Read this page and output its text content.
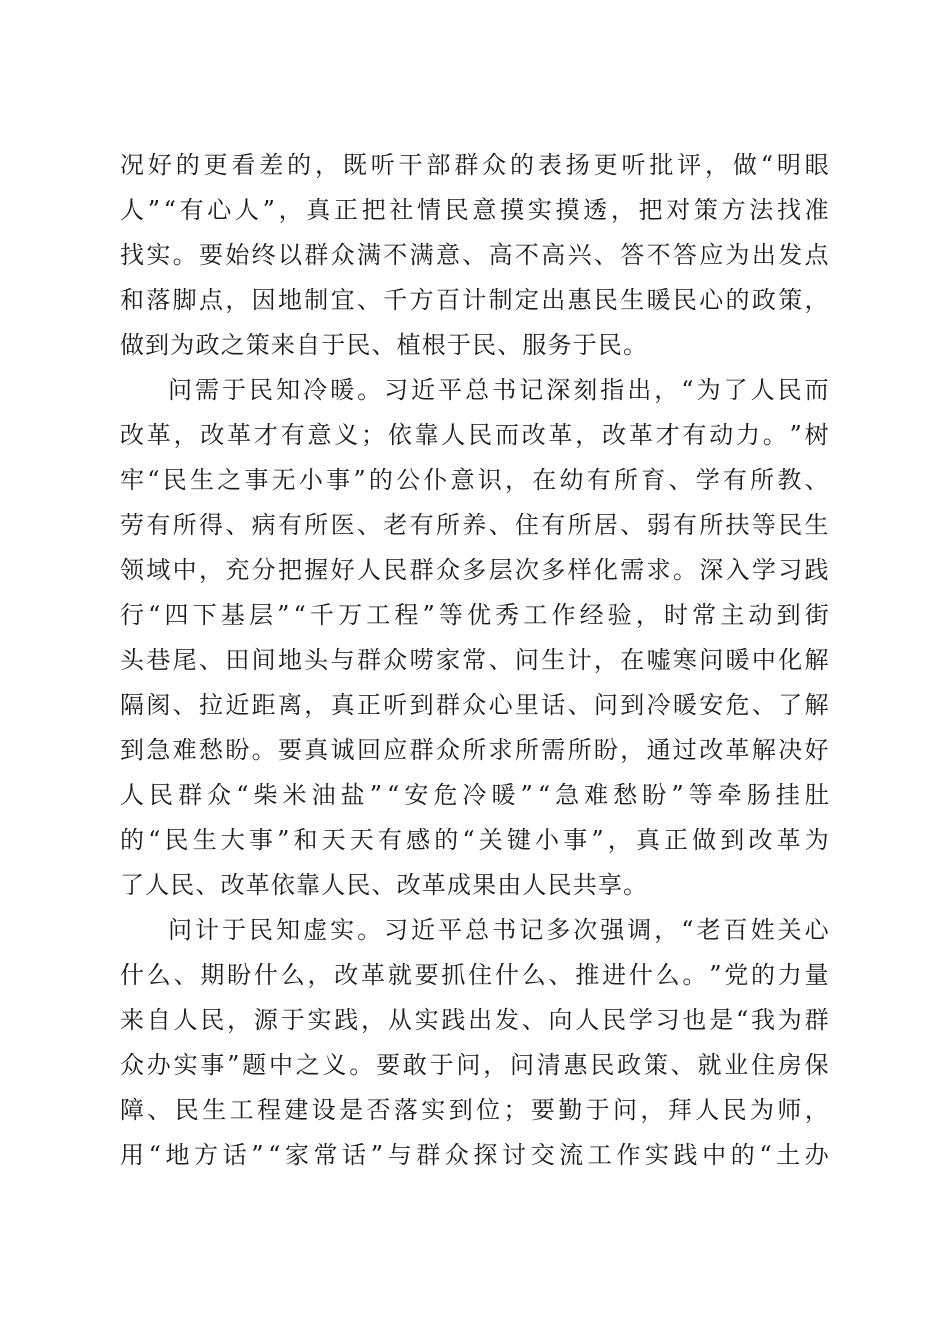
况 好 的 更 看 差 的 ， 既 听 干 部 群 众 的 表 扬 更 听 批 评 ， 做 “ 明 眼
人 ” “ 有 心 人 ” ， 真 正 把 社 情 民 意 摸 实 摸 透 ， 把 对 策 方 法 找 准
找 实 。 要 始 终 以 群 众 满 不 满 意 、 高 不 高 兴 、 答 不 答 应 为 出 发 点
和 落 脚 点 ， 因 地 制 宜 、 千 方 百 计 制 定 出 惠 民 生 暖 民 心 的 政 策 ，
做到为政之策来自于民、植根于民、服务于民。
问 需 于 民 知 冷 暖 。 习 近 平 总 书 记 深 刻 指 出 ， “ 为 了 人 民 而
改 革 ， 改 革 才 有 意 义 ； 依 靠 人 民 而 改 革 ， 改 革 才 有 动 力 。 ” 树
牢 “ 民 生 之 事 无 小 事 ” 的 公 仆 意 识 ， 在 幼 有 所 育 、 学 有 所 教 、
劳 有 所 得 、 病 有 所 医 、 老 有 所 养 、 住 有 所 居 、 弱 有 所 扶 等 民 生
领 域 中 ， 充 分 把 握 好 人 民 群 众 多 层 次 多 样 化 需 求 。 深 入 学 习 践
行 “ 四 下 基 层 ” “ 千 万 工 程 ” 等 优 秀 工 作 经 验 ， 时 常 主 动 到 街
头 巷 尾 、 田 间 地 头 与 群 众 唠 家 常 、 问 生 计 ， 在 嘘 寒 问 暖 中 化 解
隔 阂 、 拉 近 距 离 ， 真 正 听 到 群 众 心 里 话 、 问 到 冷 暖 安 危 、 了 解
到 急 难 愁 盼 。 要 真 诚 回 应 群 众 所 求 所 需 所 盼 ， 通 过 改 革 解 决 好
人 民 群 众 “ 柴 米 油 盐 ” “ 安 危 冷 暖 ” “ 急 难 愁 盼 ” 等 牵 肠 挂 肚
的 “ 民 生 大 事 ” 和 天 天 有 感 的 “ 关 键 小 事 ” ， 真 正 做 到 改 革 为
了人民、改革依靠人民、改革成果由人民共享。
问 计 于 民 知 虚 实 。 习 近 平 总 书 记 多 次 强 调 ， “ 老 百 姓 关 心
什 么 、 期 盼 什 么 ， 改 革 就 要 抓 住 什 么 、 推 进 什 么 。 ” 党 的 力 量
来 自 人 民 ， 源 于 实 践 ， 从 实 践 出 发 、 向 人 民 学 习 也 是 “ 我 为 群
众 办 实 事 ” 题 中 之 义 。 要 敢 于 问 ， 问 清 惠 民 政 策 、 就 业 住 房 保
障 、 民 生 工 程 建 设 是 否 落 实 到 位 ； 要 勤 于 问 ， 拜 人 民 为 师 ，
用 “ 地 方 话 ” “ 家 常 话 ” 与 群 众 探 讨 交 流 工 作 实 践 中 的 “ 土 办
